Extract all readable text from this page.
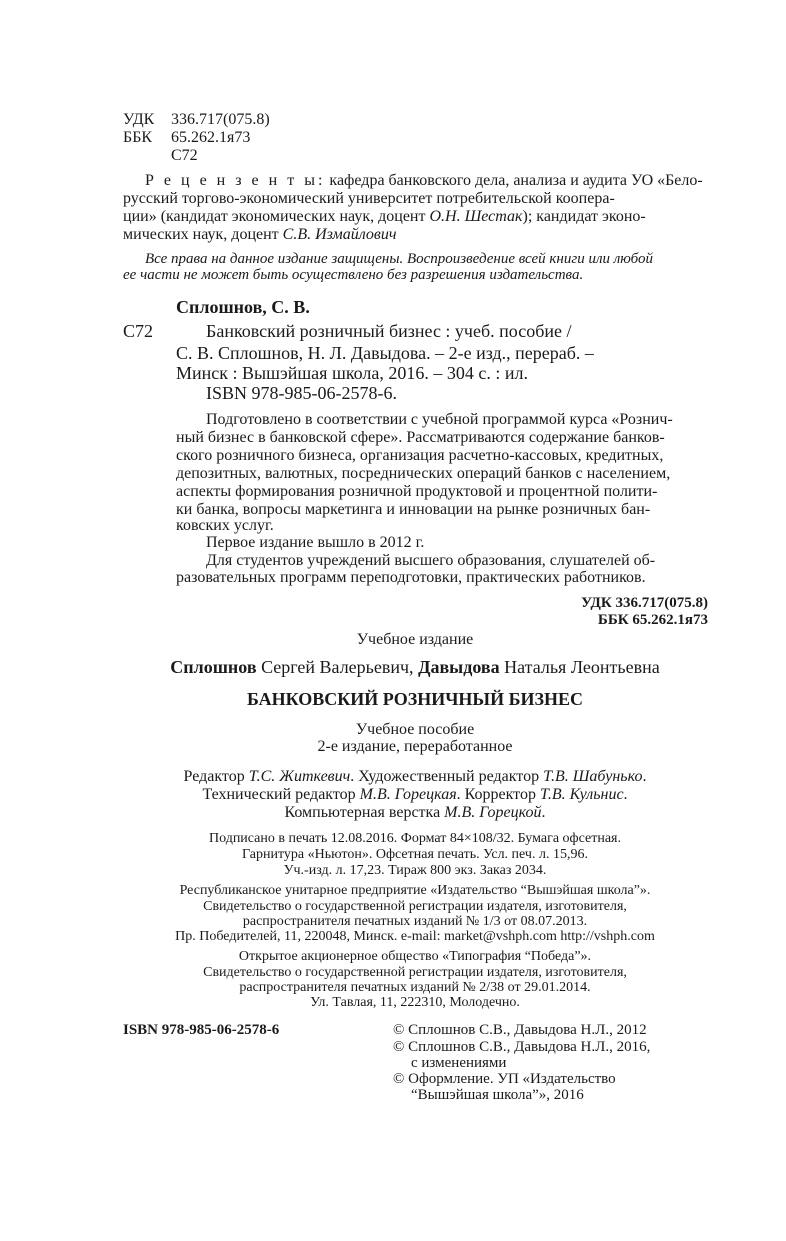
УДК 336.717(075.8)
ББК 65.262.1я73
С72
Р е ц е н з е н т ы: кафедра банковского дела, анализа и аудита УО «Бело-
русский торгово-экономический университет потребительской коопера-
ции» (кандидат экономических наук, доцент О.Н. Шестак); кандидат эконо-
мических наук, доцент С.В. Измайлович
Все права на данное издание защищены. Воспроизведение всей книги или любой
ее части не может быть осуществлено без разрешения издательства.
Сплошнов, С. В.
С72	Банковский розничный бизнес : учеб. пособие /
С. В. Сплошнов, Н. Л. Давыдова. – 2-е изд., перераб. –
Минск : Вышэйшая школа, 2016. – 304 с. : ил.
ISBN 978-985-06-2578-6.
Подготовлено в соответствии с учебной программой курса «Рознич-
ный бизнес в банковской сфере». Рассматриваются содержание банков-
ского розничного бизнеса, организация расчетно-кассовых, кредитных,
депозитных, валютных, посреднических операций банков с населением,
аспекты формирования розничной продуктовой и процентной полити-
ки банка, вопросы маркетинга и инновации на рынке розничных бан-
ковских услуг.
Первое издание вышло в 2012 г.
Для студентов учреждений высшего образования, слушателей об-
разовательных программ переподготовки, практических работников.
УДК 336.717(075.8)
ББК 65.262.1я73
Учебное издание
Сплошнов Сергей Валерьевич, Давыдова Наталья Леонтьевна
БАНКОВСКИЙ РОЗНИЧНЫЙ БИЗНЕС
Учебное пособие
2-е издание, переработанное
Редактор Т.С. Житкевич. Художественный редактор Т.В. Шабунько.
Технический редактор М.В. Горецкая. Корректор Т.В. Кульнис.
Компьютерная верстка М.В. Горецкой.
Подписано в печать 12.08.2016. Формат 84×108/32. Бумага офсетная.
Гарнитура «Ньютон». Офсетная печать. Усл. печ. л. 15,96.
Уч.-изд. л. 17,23. Тираж 800 экз. Заказ 2034.
Республиканское унитарное предприятие «Издательство “Вышэйшая школа”».
Свидетельство о государственной регистрации издателя, изготовителя,
распространителя печатных изданий № 1/3 от 08.07.2013.
Пр. Победителей, 11, 220048, Минск. e-mail: market@vshph.com http://vshph.com
Открытое акционерное общество «Типография “Победа”».
Свидетельство о государственной регистрации издателя, изготовителя,
распространителя печатных изданий № 2/38 от 29.01.2014.
Ул. Тавлая, 11, 222310, Молодечно.
ISBN 978-985-06-2578-6	© Сплошнов С.В., Давыдова Н.Л., 2012
© Сплошнов С.В., Давыдова Н.Л., 2016,
с изменениями
© Оформление. УП «Издательство
“Вышэйшая школа”», 2016
